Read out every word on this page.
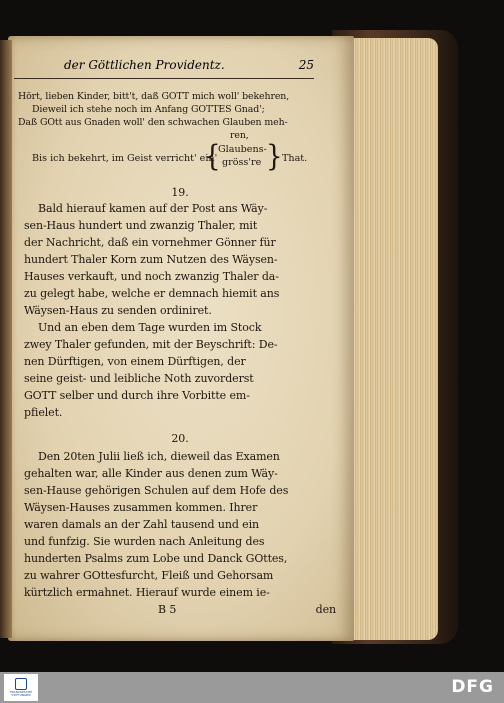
der Göttlichen Providentz.	25
Hört, lieben Kinder, bitt't, daß GOTT mich woll' bekehren,
Dieweil ich stehe noch im Anfang GOTTES Gnad';
Daß GOtt aus Gnaden woll' den schwachen Glauben meh-
ren,
Bis ich bekehrt, im Geist verricht' ein'
{
Glaubens-
gröss're } That.
19.
Bald hierauf kamen auf der Post ans Wäy-
sen-Haus hundert und zwanzig Thaler, mit
der Nachricht, daß ein vornehmer Gönner für
hundert Thaler Korn zum Nutzen des Wäysen-
Hauses verkauft, und noch zwanzig Thaler da-
zu gelegt habe, welche er demnach hiemit ans
Wäysen-Haus zu senden ordiniret.
Und an eben dem Tage wurden im Stock
zwey Thaler gefunden, mit der Beyschrift: De-
nen Dürftigen, von einem Dürftigen, der
seine geist- und leibliche Noth zuvorderst
GOTT selber und durch ihre Vorbitte em-
pfielet.
20.
Den 20ten Julii ließ ich, dieweil das Examen
gehalten war, alle Kinder aus denen zum Wäy-
sen-Hause gehörigen Schulen auf dem Hofe des
Wäysen-Hauses zusammen kommen. Ihrer
waren damals an der Zahl tausend und ein
und funfzig. Sie wurden nach Anleitung des
hunderten Psalms zum Lobe und Danck GOttes,
zu wahrer GOttesfurcht, Fleiß und Gehorsam
kürtzlich ermahnet. Hierauf wurde einem ie-
B 5	den
FRANCKESCHE STIFTUNGEN	DFG
